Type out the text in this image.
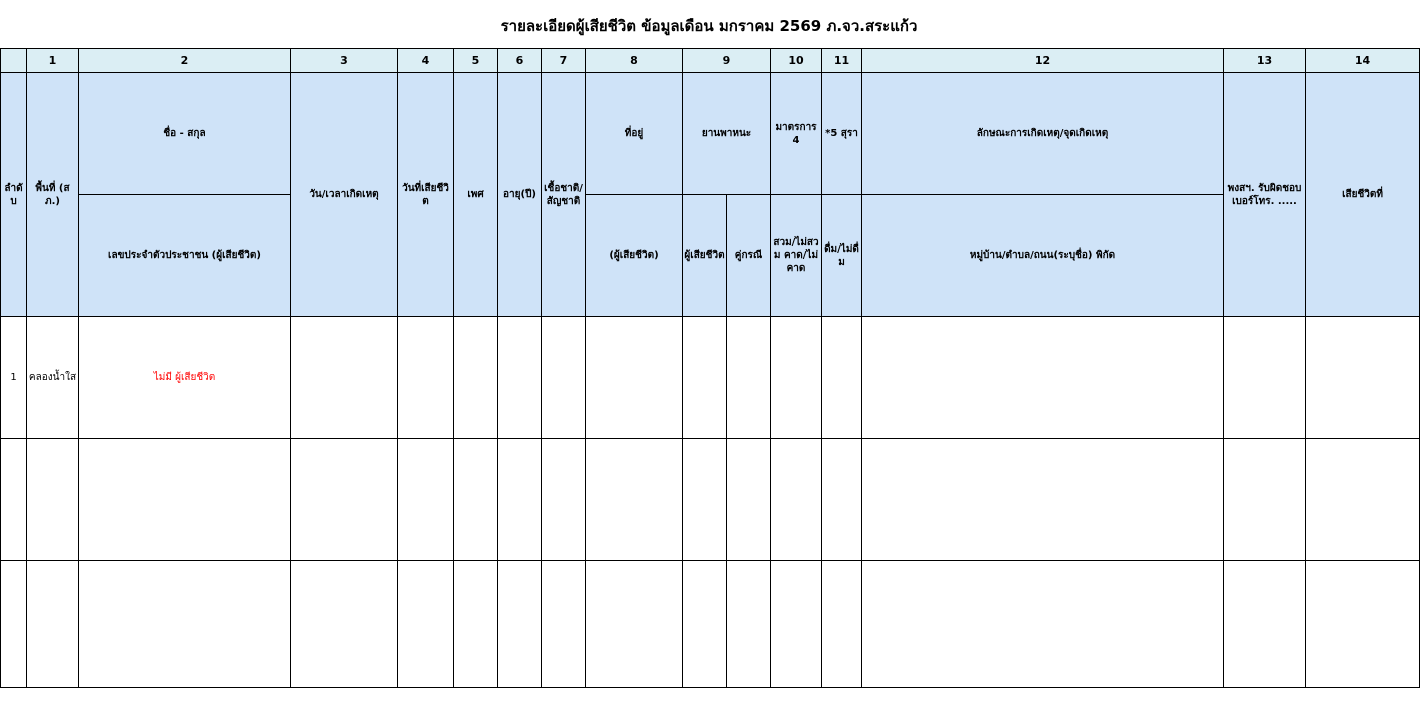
รายละเอียดผู้เสียชีวิต ข้อมูลเดือน มกราคม 2569 ภ.จว.สระแก้ว
	1	2	3	4	5	6	7	8	9		10	11	12	13	14
ลำดับ	พื้นที่ (สภ.)	ชื่อ - สกุล	วัน/เวลาเกิดเหตุ	วันที่เสียชีวิต	เพศ	อายุ(ปี)	เชื้อชาติ/สัญชาติ	ที่อยู่	ยานพาหนะ		มาตรการ 4	*5 สุรา	ลักษณะการเกิดเหตุ/จุดเกิดเหตุ	พงสฯ. รับผิดชอบ เบอร์โทร. .....	เสียชีวิตที่
		เลขประจำตัวประชาชน (ผู้เสียชีวิต)						(ผู้เสียชีวิต)	ผู้เสียชีวิต	คู่กรณี	สวม/ไม่สวม คาด/ไม่คาด	ดื่ม/ไม่ดื่ม	หมู่บ้าน/ตำบล/ถนน(ระบุชื่อ) พิกัด		
1	คลองน้ำใส	ไม่มี ผู้เสียชีวิต													
